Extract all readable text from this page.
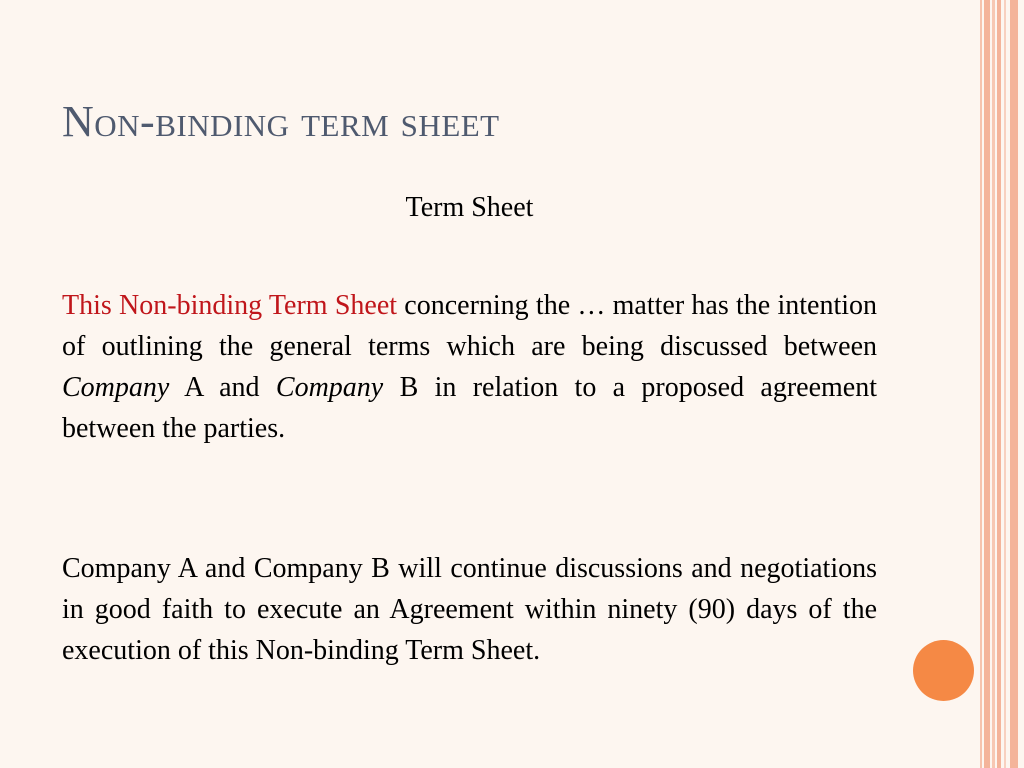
Non-binding term sheet

Term Sheet

This Non-binding Term Sheet concerning the … matter has the intention of outlining the general terms which are being discussed between Company A and Company B in relation to a proposed agreement between the parties.

Company A and Company B will continue discussions and negotiations in good faith to execute an Agreement within ninety (90) days of the execution of this Non-binding Term Sheet.
